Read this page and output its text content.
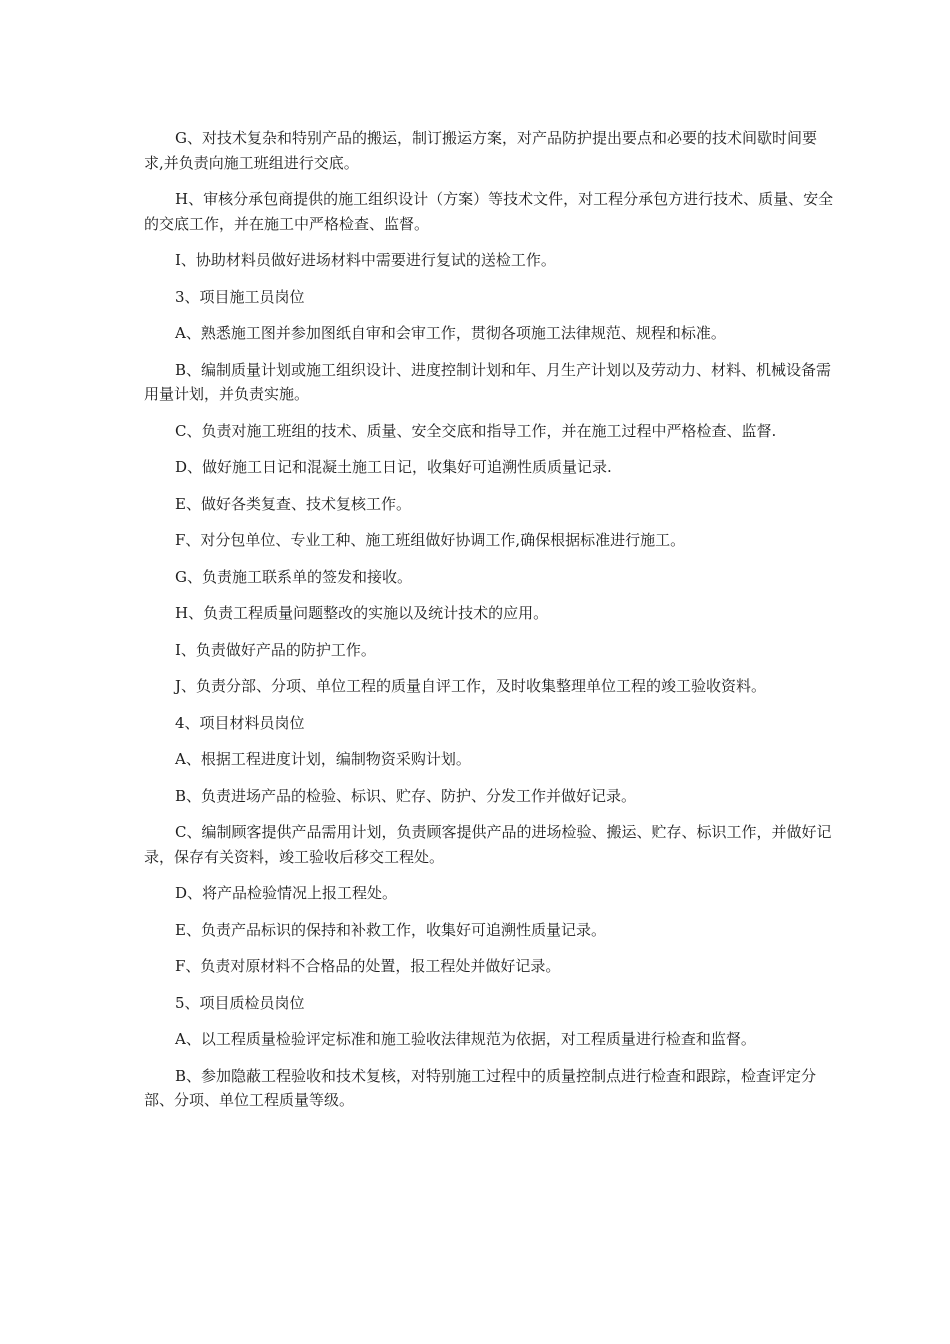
G、对技术复杂和特别产品的搬运，制订搬运方案，对产品防护提出要点和必要的技术间歇时间要求,并负责向施工班组进行交底。

H、审核分承包商提供的施工组织设计（方案）等技术文件，对工程分承包方进行技术、质量、安全的交底工作，并在施工中严格检查、监督。

I、协助材料员做好进场材料中需要进行复试的送检工作。

3、项目施工员岗位

A、熟悉施工图并参加图纸自审和会审工作，贯彻各项施工法律规范、规程和标准。

B、编制质量计划或施工组织设计、进度控制计划和年、月生产计划以及劳动力、材料、机械设备需用量计划，并负责实施。

C、负责对施工班组的技术、质量、安全交底和指导工作，并在施工过程中严格检查、监督.

D、做好施工日记和混凝土施工日记，收集好可追溯性质质量记录.

E、做好各类复查、技术复核工作。

F、对分包单位、专业工种、施工班组做好协调工作,确保根据标准进行施工。

G、负责施工联系单的签发和接收。

H、负责工程质量问题整改的实施以及统计技术的应用。

I、负责做好产品的防护工作。

J、负责分部、分项、单位工程的质量自评工作，及时收集整理单位工程的竣工验收资料。

4、项目材料员岗位

A、根据工程进度计划，编制物资采购计划。

B、负责进场产品的检验、标识、贮存、防护、分发工作并做好记录。

C、编制顾客提供产品需用计划，负责顾客提供产品的进场检验、搬运、贮存、标识工作，并做好记录，保存有关资料，竣工验收后移交工程处。

D、将产品检验情况上报工程处。

E、负责产品标识的保持和补救工作，收集好可追溯性质量记录。

F、负责对原材料不合格品的处置，报工程处并做好记录。

5、项目质检员岗位

A、以工程质量检验评定标准和施工验收法律规范为依据，对工程质量进行检查和监督。

B、参加隐蔽工程验收和技术复核，对特别施工过程中的质量控制点进行检查和跟踪，检查评定分部、分项、单位工程质量等级。
